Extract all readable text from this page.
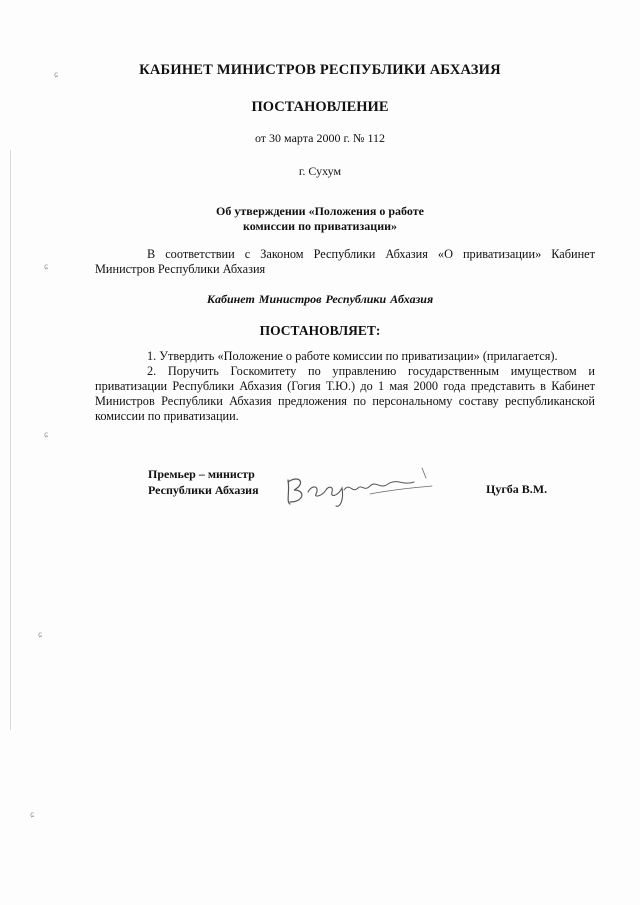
ɕ
ɕ
ɕ
ɕ
ɕ

КАБИНЕТ МИНИСТРОВ РЕСПУБЛИКИ АБХАЗИЯ

ПОСТАНОВЛЕНИЕ

от 30 марта 2000 г. № 112

г. Сухум

Об утверждении «Положения о работе
комиссии по приватизации»

В соответствии с Законом Республики Абхазия «О приватизации» Кабинет Министров Республики Абхазия

Кабинет Министров Республики Абхазия

ПОСТАНОВЛЯЕТ:

1. Утвердить «Положение о работе комиссии по приватизации» (прилагается).

2. Поручить Госкомитету по управлению государственным имуществом и приватизации Республики Абхазия (Гогия Т.Ю.) до 1 мая 2000 года представить в Кабинет Министров Республики Абхазия предложения по персональному составу республиканской комиссии по приватизации.

Премьер – министр
Республики Абхазия	Цугба В.М.
